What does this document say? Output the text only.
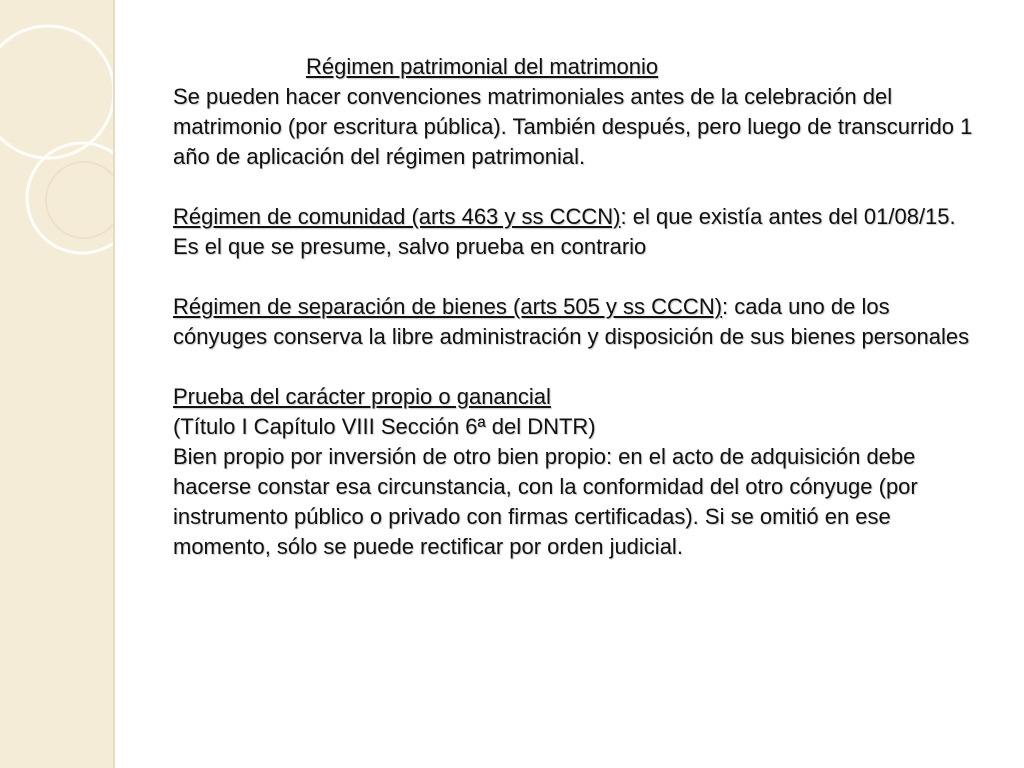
Régimen patrimonial del matrimonio

Se pueden hacer convenciones matrimoniales antes de la celebración del matrimonio (por escritura pública). También después, pero luego de transcurrido 1 año de aplicación del régimen patrimonial.

Régimen de comunidad (arts 463 y ss CCCN): el que existía antes del 01/08/15. Es el que se presume, salvo prueba en contrario

Régimen de separación de bienes (arts 505 y ss CCCN): cada uno de los cónyuges conserva la libre administración y disposición de sus bienes personales

Prueba del carácter propio o ganancial

(Título I Capítulo VIII Sección 6ª del DNTR)

Bien propio por inversión de otro bien propio: en el acto de adquisición debe hacerse constar esa circunstancia, con la conformidad del otro cónyuge (por instrumento público o privado con firmas certificadas). Si se omitió en ese momento, sólo se puede rectificar por orden judicial.
